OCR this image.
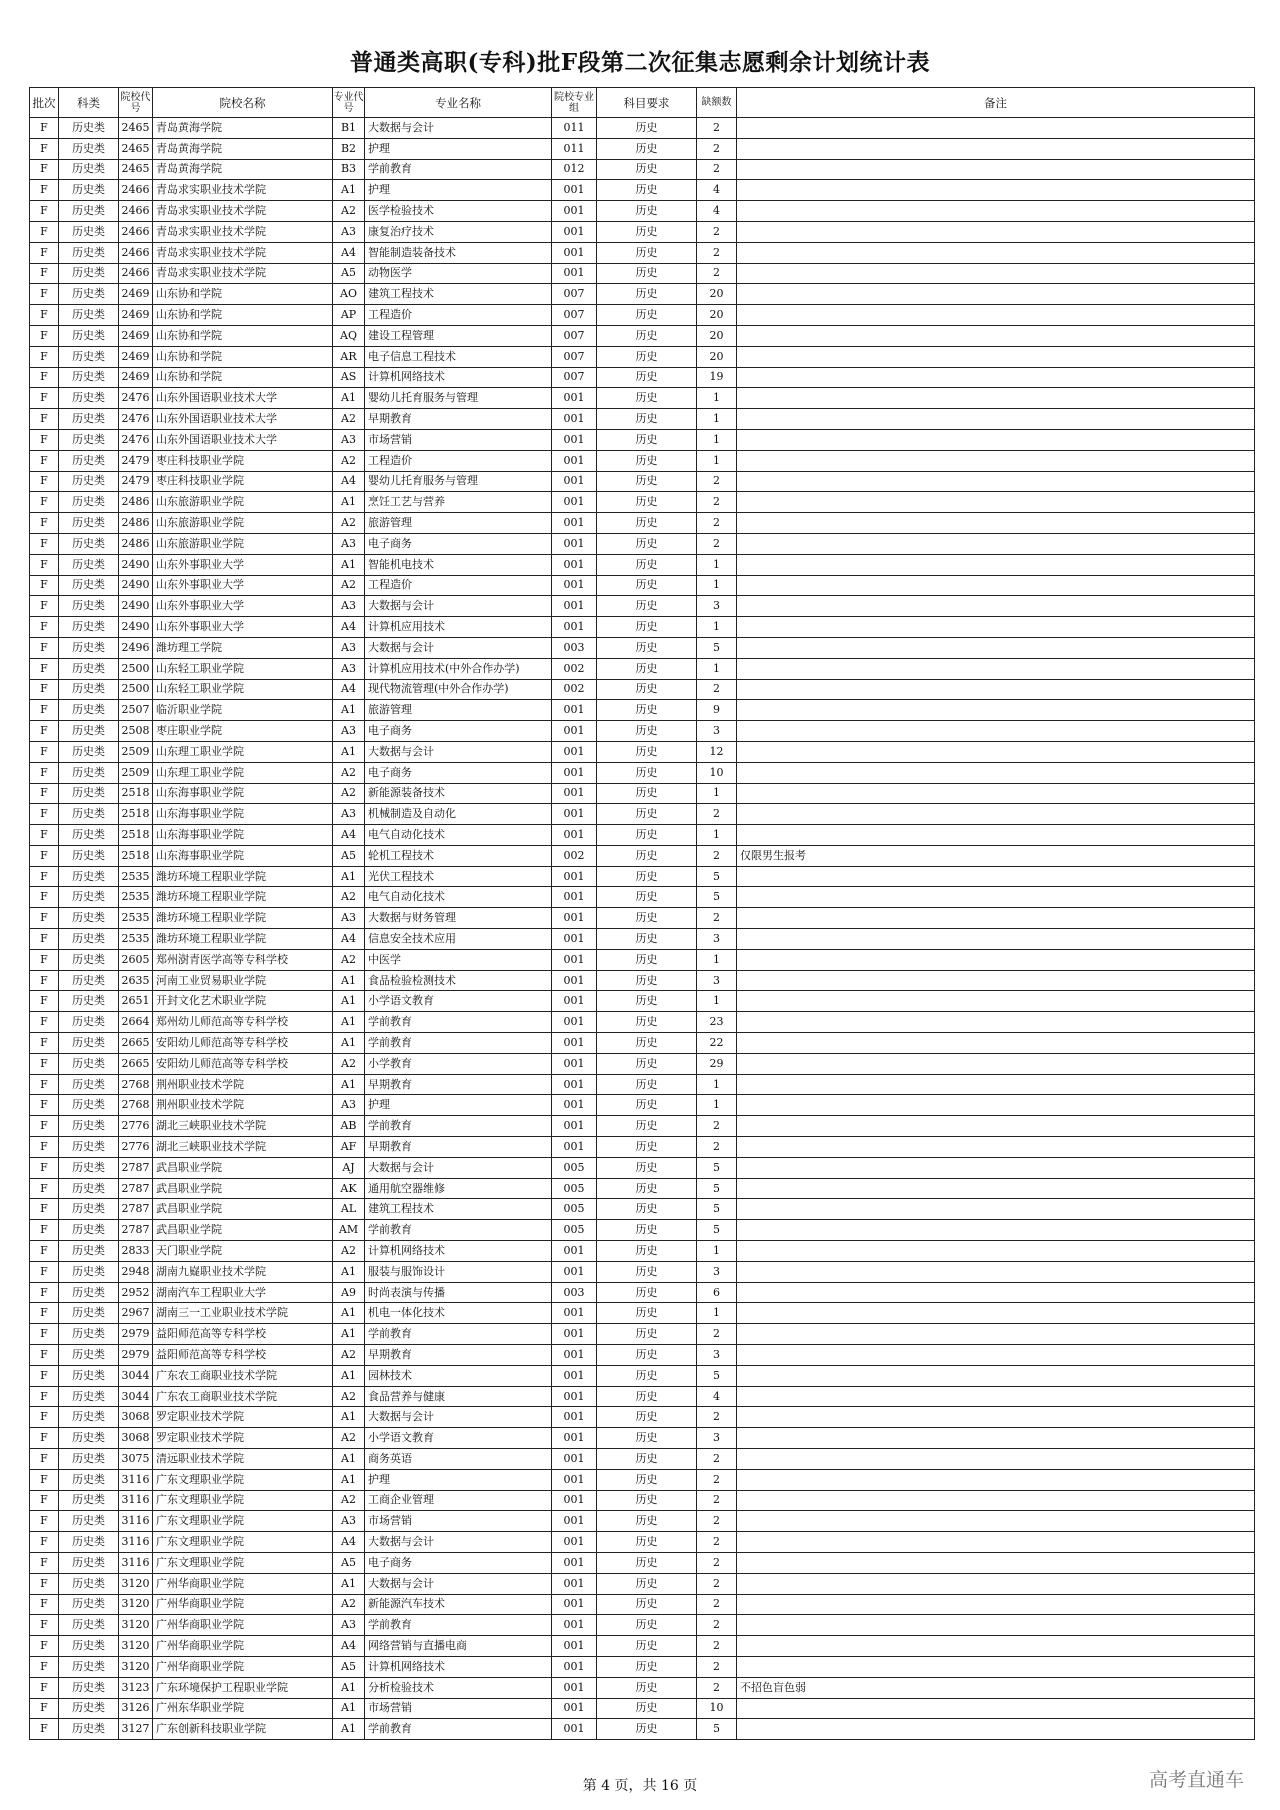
普通类高职(专科)批F段第二次征集志愿剩余计划统计表
批次	科类	院校代号	院校名称	专业代号	专业名称	院校专业组	科目要求	缺额数	备注
F	历史类	2465	青岛黄海学院	B1	大数据与会计	011	历史	2	
F	历史类	2465	青岛黄海学院	B2	护理	011	历史	2	
F	历史类	2465	青岛黄海学院	B3	学前教育	012	历史	2	
F	历史类	2466	青岛求实职业技术学院	A1	护理	001	历史	4	
F	历史类	2466	青岛求实职业技术学院	A2	医学检验技术	001	历史	4	
F	历史类	2466	青岛求实职业技术学院	A3	康复治疗技术	001	历史	2	
F	历史类	2466	青岛求实职业技术学院	A4	智能制造装备技术	001	历史	2	
F	历史类	2466	青岛求实职业技术学院	A5	动物医学	001	历史	2	
F	历史类	2469	山东协和学院	AO	建筑工程技术	007	历史	20	
F	历史类	2469	山东协和学院	AP	工程造价	007	历史	20	
F	历史类	2469	山东协和学院	AQ	建设工程管理	007	历史	20	
F	历史类	2469	山东协和学院	AR	电子信息工程技术	007	历史	20	
F	历史类	2469	山东协和学院	AS	计算机网络技术	007	历史	19	
F	历史类	2476	山东外国语职业技术大学	A1	婴幼儿托育服务与管理	001	历史	1	
F	历史类	2476	山东外国语职业技术大学	A2	早期教育	001	历史	1	
F	历史类	2476	山东外国语职业技术大学	A3	市场营销	001	历史	1	
F	历史类	2479	枣庄科技职业学院	A2	工程造价	001	历史	1	
F	历史类	2479	枣庄科技职业学院	A4	婴幼儿托育服务与管理	001	历史	2	
F	历史类	2486	山东旅游职业学院	A1	烹饪工艺与营养	001	历史	2	
F	历史类	2486	山东旅游职业学院	A2	旅游管理	001	历史	2	
F	历史类	2486	山东旅游职业学院	A3	电子商务	001	历史	2	
F	历史类	2490	山东外事职业大学	A1	智能机电技术	001	历史	1	
F	历史类	2490	山东外事职业大学	A2	工程造价	001	历史	1	
F	历史类	2490	山东外事职业大学	A3	大数据与会计	001	历史	3	
F	历史类	2490	山东外事职业大学	A4	计算机应用技术	001	历史	1	
F	历史类	2496	潍坊理工学院	A3	大数据与会计	003	历史	5	
F	历史类	2500	山东轻工职业学院	A3	计算机应用技术(中外合作办学)	002	历史	1	
F	历史类	2500	山东轻工职业学院	A4	现代物流管理(中外合作办学)	002	历史	2	
F	历史类	2507	临沂职业学院	A1	旅游管理	001	历史	9	
F	历史类	2508	枣庄职业学院	A3	电子商务	001	历史	3	
F	历史类	2509	山东理工职业学院	A1	大数据与会计	001	历史	12	
F	历史类	2509	山东理工职业学院	A2	电子商务	001	历史	10	
F	历史类	2518	山东海事职业学院	A2	新能源装备技术	001	历史	1	
F	历史类	2518	山东海事职业学院	A3	机械制造及自动化	001	历史	2	
F	历史类	2518	山东海事职业学院	A4	电气自动化技术	001	历史	1	
F	历史类	2518	山东海事职业学院	A5	轮机工程技术	002	历史	2	仅限男生报考
F	历史类	2535	潍坊环境工程职业学院	A1	光伏工程技术	001	历史	5	
F	历史类	2535	潍坊环境工程职业学院	A2	电气自动化技术	001	历史	5	
F	历史类	2535	潍坊环境工程职业学院	A3	大数据与财务管理	001	历史	2	
F	历史类	2535	潍坊环境工程职业学院	A4	信息安全技术应用	001	历史	3	
F	历史类	2605	郑州澍青医学高等专科学校	A2	中医学	001	历史	1	
F	历史类	2635	河南工业贸易职业学院	A1	食品检验检测技术	001	历史	3	
F	历史类	2651	开封文化艺术职业学院	A1	小学语文教育	001	历史	1	
F	历史类	2664	郑州幼儿师范高等专科学校	A1	学前教育	001	历史	23	
F	历史类	2665	安阳幼儿师范高等专科学校	A1	学前教育	001	历史	22	
F	历史类	2665	安阳幼儿师范高等专科学校	A2	小学教育	001	历史	29	
F	历史类	2768	荆州职业技术学院	A1	早期教育	001	历史	1	
F	历史类	2768	荆州职业技术学院	A3	护理	001	历史	1	
F	历史类	2776	湖北三峡职业技术学院	AB	学前教育	001	历史	2	
F	历史类	2776	湖北三峡职业技术学院	AF	早期教育	001	历史	2	
F	历史类	2787	武昌职业学院	AJ	大数据与会计	005	历史	5	
F	历史类	2787	武昌职业学院	AK	通用航空器维修	005	历史	5	
F	历史类	2787	武昌职业学院	AL	建筑工程技术	005	历史	5	
F	历史类	2787	武昌职业学院	AM	学前教育	005	历史	5	
F	历史类	2833	天门职业学院	A2	计算机网络技术	001	历史	1	
F	历史类	2948	湖南九嶷职业技术学院	A1	服装与服饰设计	001	历史	3	
F	历史类	2952	湖南汽车工程职业大学	A9	时尚表演与传播	003	历史	6	
F	历史类	2967	湖南三一工业职业技术学院	A1	机电一体化技术	001	历史	1	
F	历史类	2979	益阳师范高等专科学校	A1	学前教育	001	历史	2	
F	历史类	2979	益阳师范高等专科学校	A2	早期教育	001	历史	3	
F	历史类	3044	广东农工商职业技术学院	A1	园林技术	001	历史	5	
F	历史类	3044	广东农工商职业技术学院	A2	食品营养与健康	001	历史	4	
F	历史类	3068	罗定职业技术学院	A1	大数据与会计	001	历史	2	
F	历史类	3068	罗定职业技术学院	A2	小学语文教育	001	历史	3	
F	历史类	3075	清远职业技术学院	A1	商务英语	001	历史	2	
F	历史类	3116	广东文理职业学院	A1	护理	001	历史	2	
F	历史类	3116	广东文理职业学院	A2	工商企业管理	001	历史	2	
F	历史类	3116	广东文理职业学院	A3	市场营销	001	历史	2	
F	历史类	3116	广东文理职业学院	A4	大数据与会计	001	历史	2	
F	历史类	3116	广东文理职业学院	A5	电子商务	001	历史	2	
F	历史类	3120	广州华商职业学院	A1	大数据与会计	001	历史	2	
F	历史类	3120	广州华商职业学院	A2	新能源汽车技术	001	历史	2	
F	历史类	3120	广州华商职业学院	A3	学前教育	001	历史	2	
F	历史类	3120	广州华商职业学院	A4	网络营销与直播电商	001	历史	2	
F	历史类	3120	广州华商职业学院	A5	计算机网络技术	001	历史	2	
F	历史类	3123	广东环境保护工程职业学院	A1	分析检验技术	001	历史	2	不招色盲色弱
F	历史类	3126	广州东华职业学院	A1	市场营销	001	历史	10	
F	历史类	3127	广东创新科技职业学院	A1	学前教育	001	历史	5	
第 4 页，共 16 页	高考直通车
